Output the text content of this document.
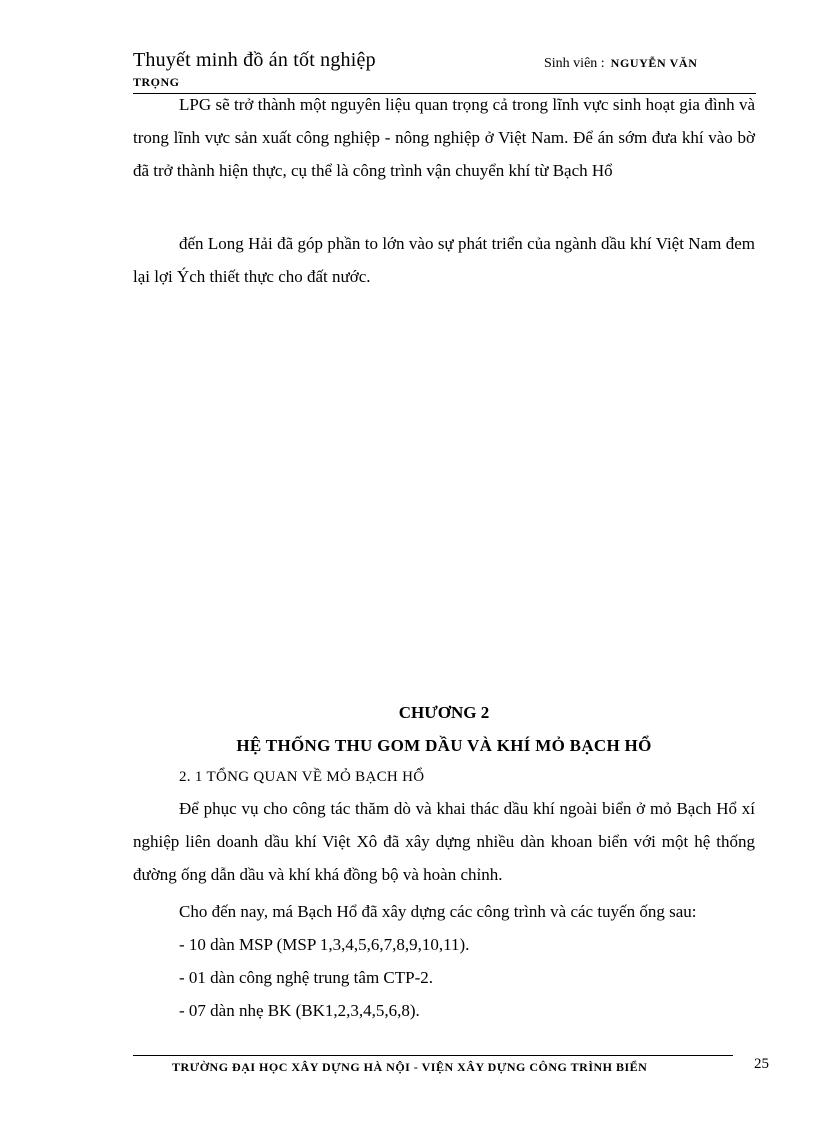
Thuyết minh đồ án tốt nghiệp	Sinh viên : NGUYỄN VĂN
TRỌNG
LPG sẽ trở thành một nguyên liệu quan trọng cả trong lĩnh vực sinh hoạt gia đình và trong lĩnh vực sản xuất công nghiệp - nông nghiệp ở Việt Nam. Để án sớm đưa khí vào bờ đã trở thành hiện thực, cụ thể là công trình vận chuyển khí từ Bạch Hổ
đến Long Hải đã góp phần to lớn vào sự phát triển của ngành dầu khí Việt Nam đem lại lợi Ých thiết thực cho đất nước.
CHƯƠNG 2
HỆ THỐNG THU GOM DẦU VÀ KHÍ MỎ BẠCH HỔ
2. 1 TỔNG QUAN VỀ MỎ BẠCH HỔ
Để phục vụ cho công tác thăm dò và khai thác dầu khí ngoài biển ở mỏ Bạch Hổ xí nghiệp liên doanh dầu khí Việt Xô đã xây dựng nhiều dàn khoan biển với một hệ thống đường ống dẫn dầu và khí khá đồng bộ và hoàn chỉnh.
Cho đến nay, má Bạch Hổ đã xây dựng các công trình và các tuyến ống sau:
- 10 dàn MSP (MSP 1,3,4,5,6,7,8,9,10,11).
- 01 dàn công nghệ trung tâm CTP-2.
- 07 dàn nhẹ BK (BK1,2,3,4,5,6,8).
TRƯỜNG ĐẠI HỌC XÂY DỰNG HÀ NỘI - VIỆN XÂY DỰNG CÔNG TRÌNH BIỂN	25
